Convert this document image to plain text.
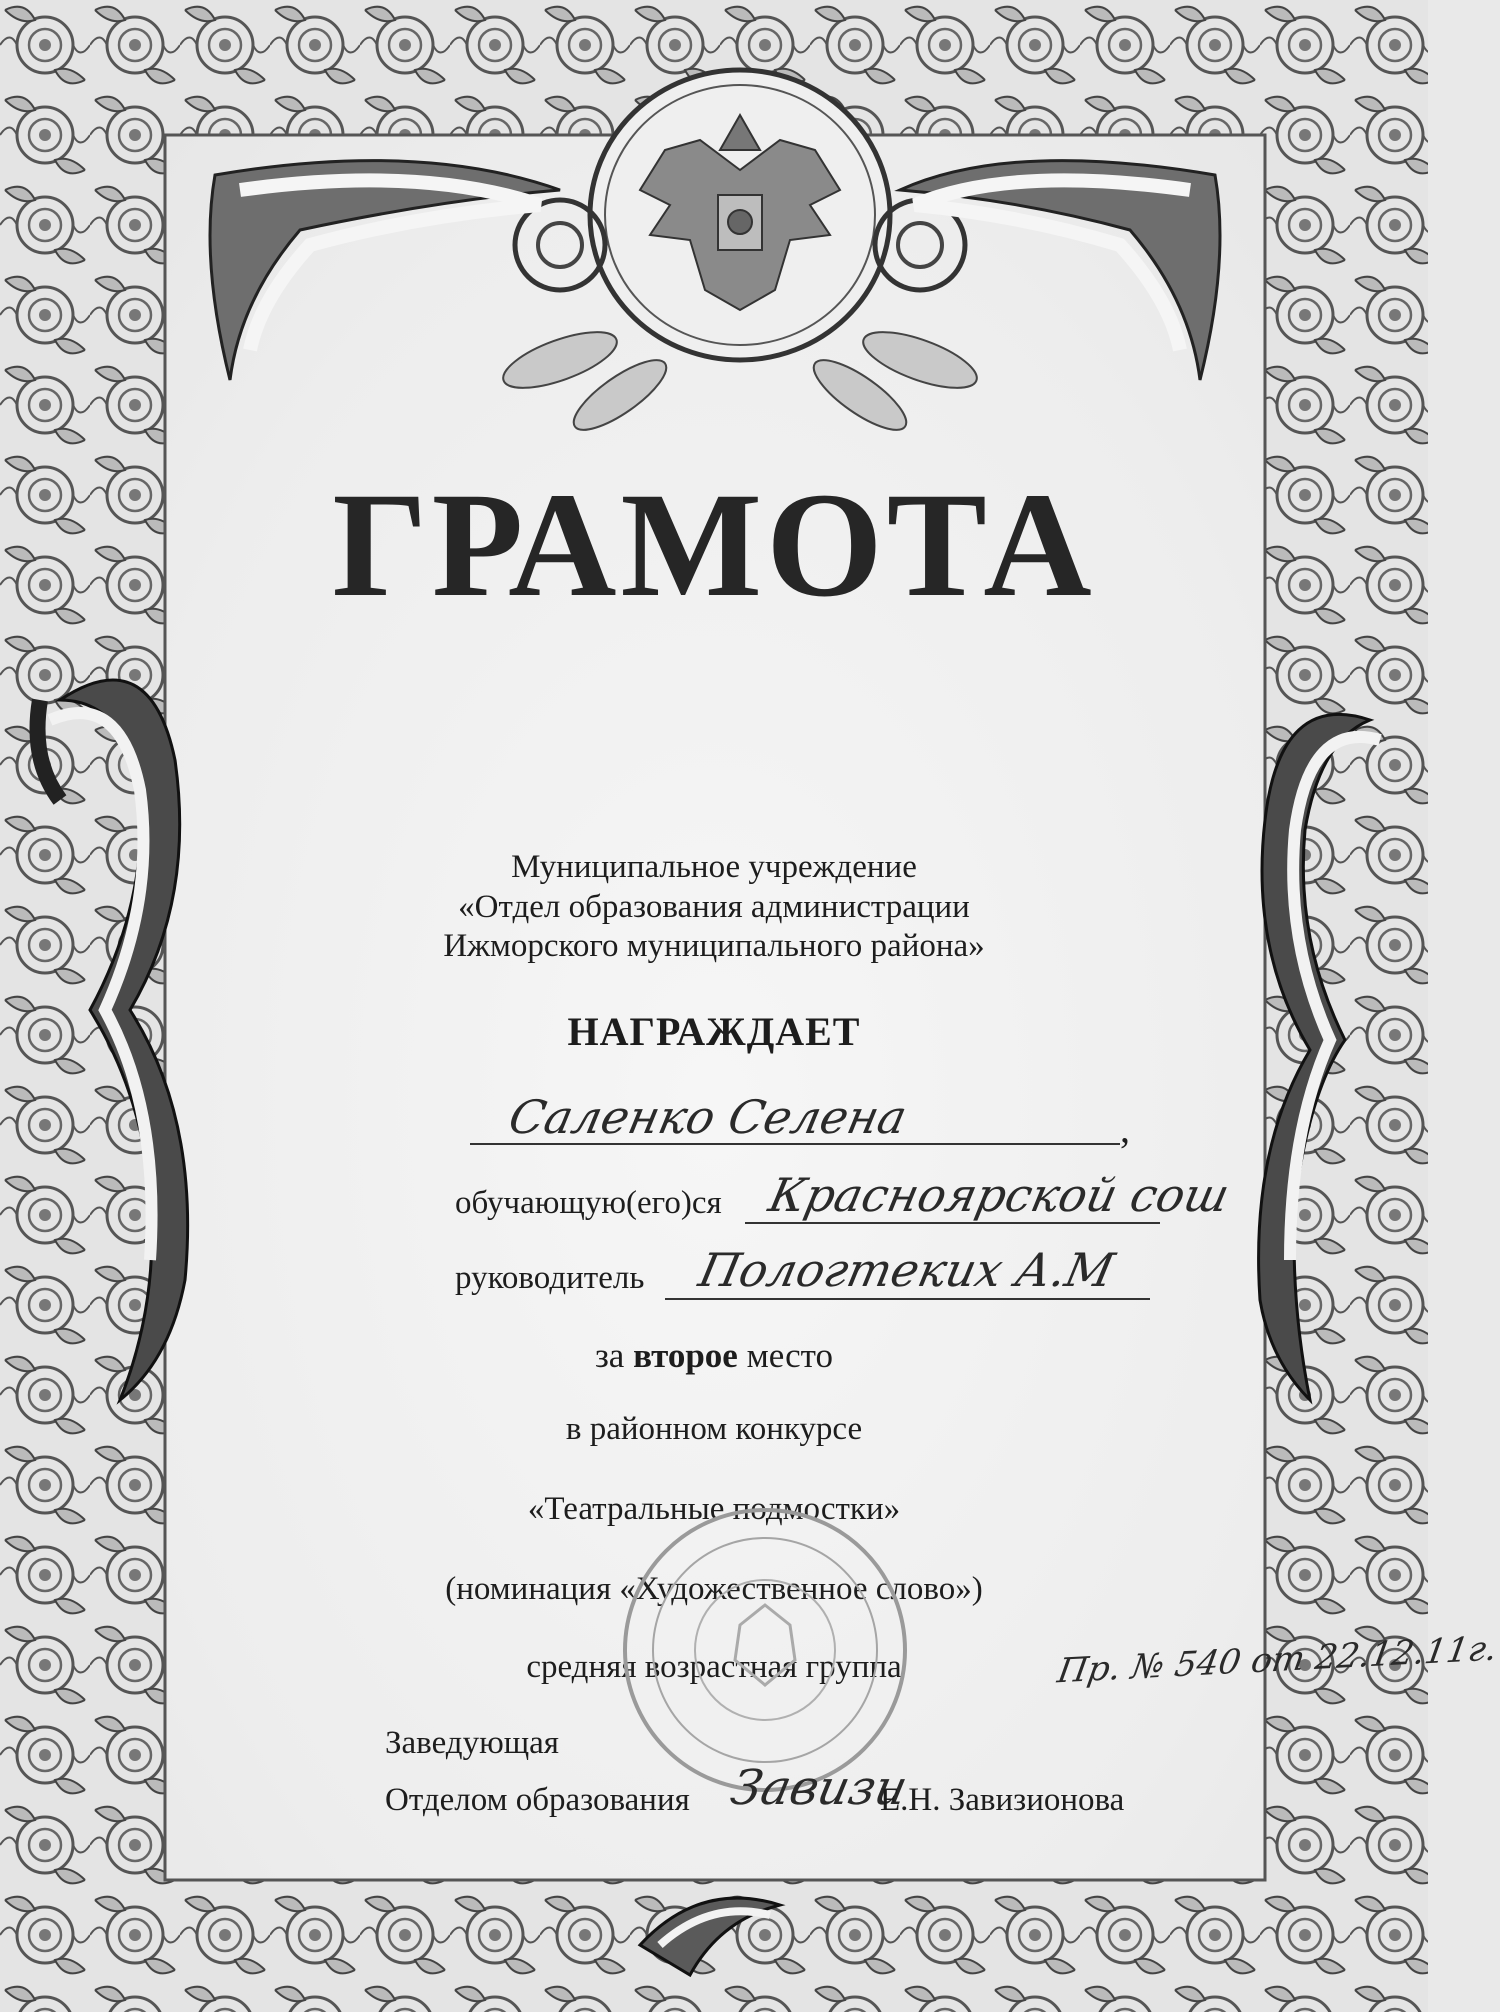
ГРАМОТА
Муниципальное учреждение
«Отдел образования администрации
Ижморского муниципального района»
НАГРАЖДАЕТ
Саленко Селена	,
обучающую(его)ся Красноярской сош
руководитель Пологтеких А.М
за второе место
в районном конкурсе
«Театральные подмостки»
(номинация «Художественное слово»)
средняя возрастная группа	Пр. № 540 от 22.12.11г.
Заведующая
Отделом образования Завизи
Е.Н. Завизионова
